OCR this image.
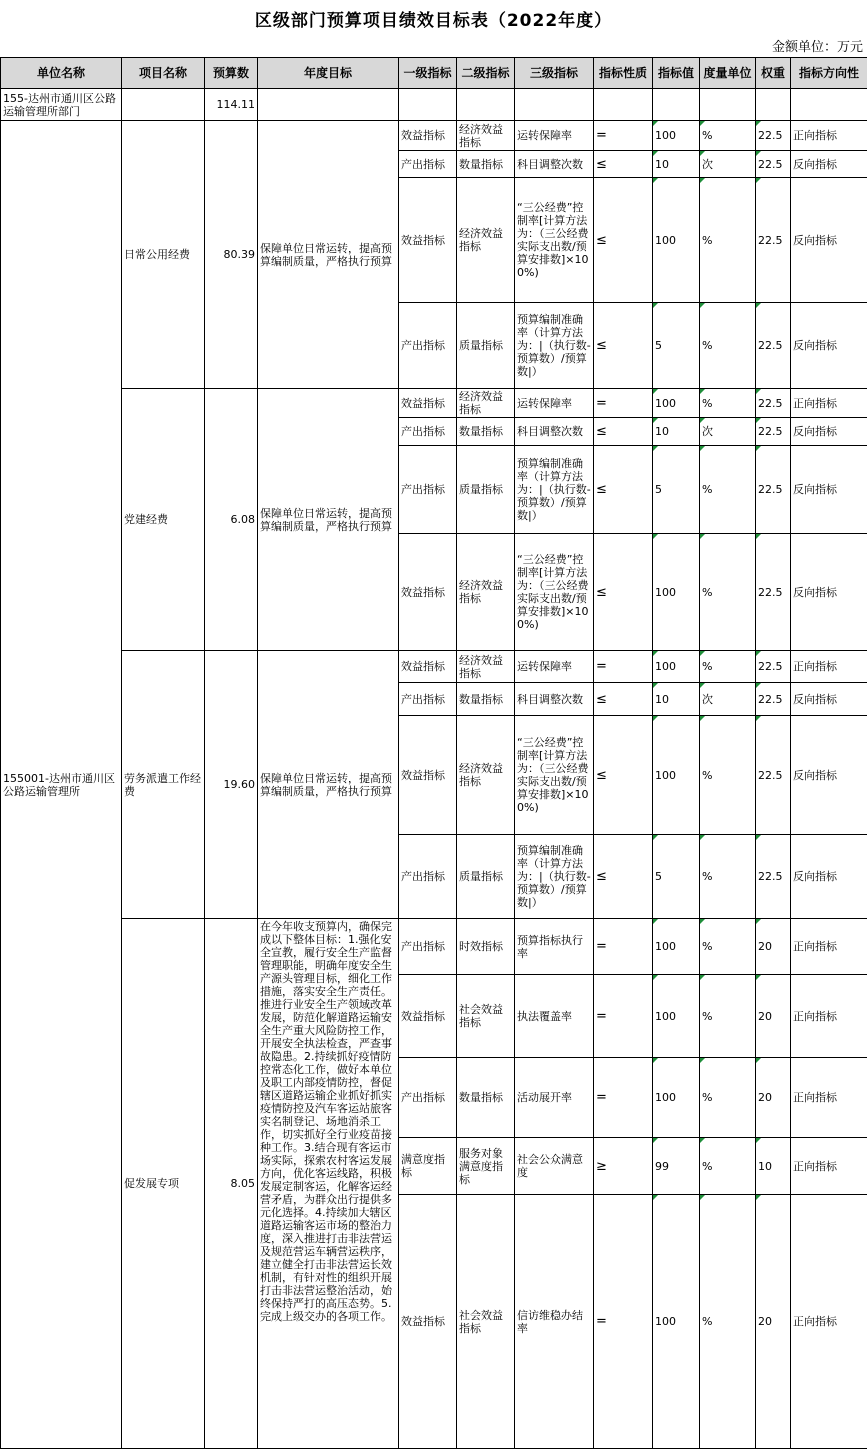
区级部门预算项目绩效目标表（2022年度）
金额单位：万元
单位名称	项目名称	预算数	年度目标	一级指标	二级指标	三级指标	指标性质	指标值	度量单位	权重	指标方向性
155-达州市通川区公路运输管理所部门		114.11									
155001-达州市通川区公路运输管理所	日常公用经费	80.39	保障单位日常运转，提高预算编制质量，严格执行预算	效益指标	经济效益指标	运转保障率	=	100	%	22.5	正向指标
				产出指标	数量指标	科目调整次数	≤	10	次	22.5	反向指标
				效益指标	经济效益指标	“三公经费”控制率[计算方法为：（三公经费实际支出数/预算安排数]×100%)	≤	100	%	22.5	反向指标
				产出指标	质量指标	预算编制准确率（计算方法为：|（执行数-预算数）/预算数|）	≤	5	%	22.5	反向指标
	党建经费	6.08	保障单位日常运转，提高预算编制质量，严格执行预算	效益指标	经济效益指标	运转保障率	=	100	%	22.5	正向指标
				产出指标	数量指标	科目调整次数	≤	10	次	22.5	反向指标
				产出指标	质量指标	预算编制准确率（计算方法为：|（执行数-预算数）/预算数|）	≤	5	%	22.5	反向指标
				效益指标	经济效益指标	“三公经费”控制率[计算方法为：（三公经费实际支出数/预算安排数]×100%)	≤	100	%	22.5	反向指标
	劳务派遣工作经费	19.60	保障单位日常运转，提高预算编制质量，严格执行预算	效益指标	经济效益指标	运转保障率	=	100	%	22.5	正向指标
				产出指标	数量指标	科目调整次数	≤	10	次	22.5	反向指标
				效益指标	经济效益指标	“三公经费”控制率[计算方法为：（三公经费实际支出数/预算安排数]×100%)	≤	100	%	22.5	反向指标
				产出指标	质量指标	预算编制准确率（计算方法为：|（执行数-预算数）/预算数|）	≤	5	%	22.5	反向指标
	促发展专项	8.05	在今年收支预算内，确保完成以下整体目标：1.强化安全宣教，履行安全生产监督管理职能，明确年度安全生产源头管理目标，细化工作措施，落实安全生产责任。推进行业安全生产领域改革发展，防范化解道路运输安全生产重大风险防控工作，开展安全执法检查，严查事故隐患。2.持续抓好疫情防控常态化工作，做好本单位及职工内部疫情防控，督促辖区道路运输企业抓好抓实疫情防控及汽车客运站旅客实名制登记、场地消杀工作，切实抓好全行业疫苗接种工作。3.结合现有客运市场实际，探索农村客运发展方向，优化客运线路，积极发展定制客运，化解客运经营矛盾，为群众出行提供多元化选择。4.持续加大辖区道路运输客运市场的整治力度，深入推进打击非法营运及规范营运车辆营运秩序，建立健全打击非法营运长效机制，有针对性的组织开展打击非法营运整治活动，始终保持严打的高压态势。5.完成上级交办的各项工作。	产出指标	时效指标	预算指标执行率	=	100	%	20	正向指标
				效益指标	社会效益指标	执法覆盖率	=	100	%	20	正向指标
				产出指标	数量指标	活动展开率	=	100	%	20	正向指标
				满意度指标	服务对象满意度指标	社会公众满意度	≥	99	%	10	正向指标
				效益指标	社会效益指标	信访维稳办结率	=	100	%	20	正向指标
